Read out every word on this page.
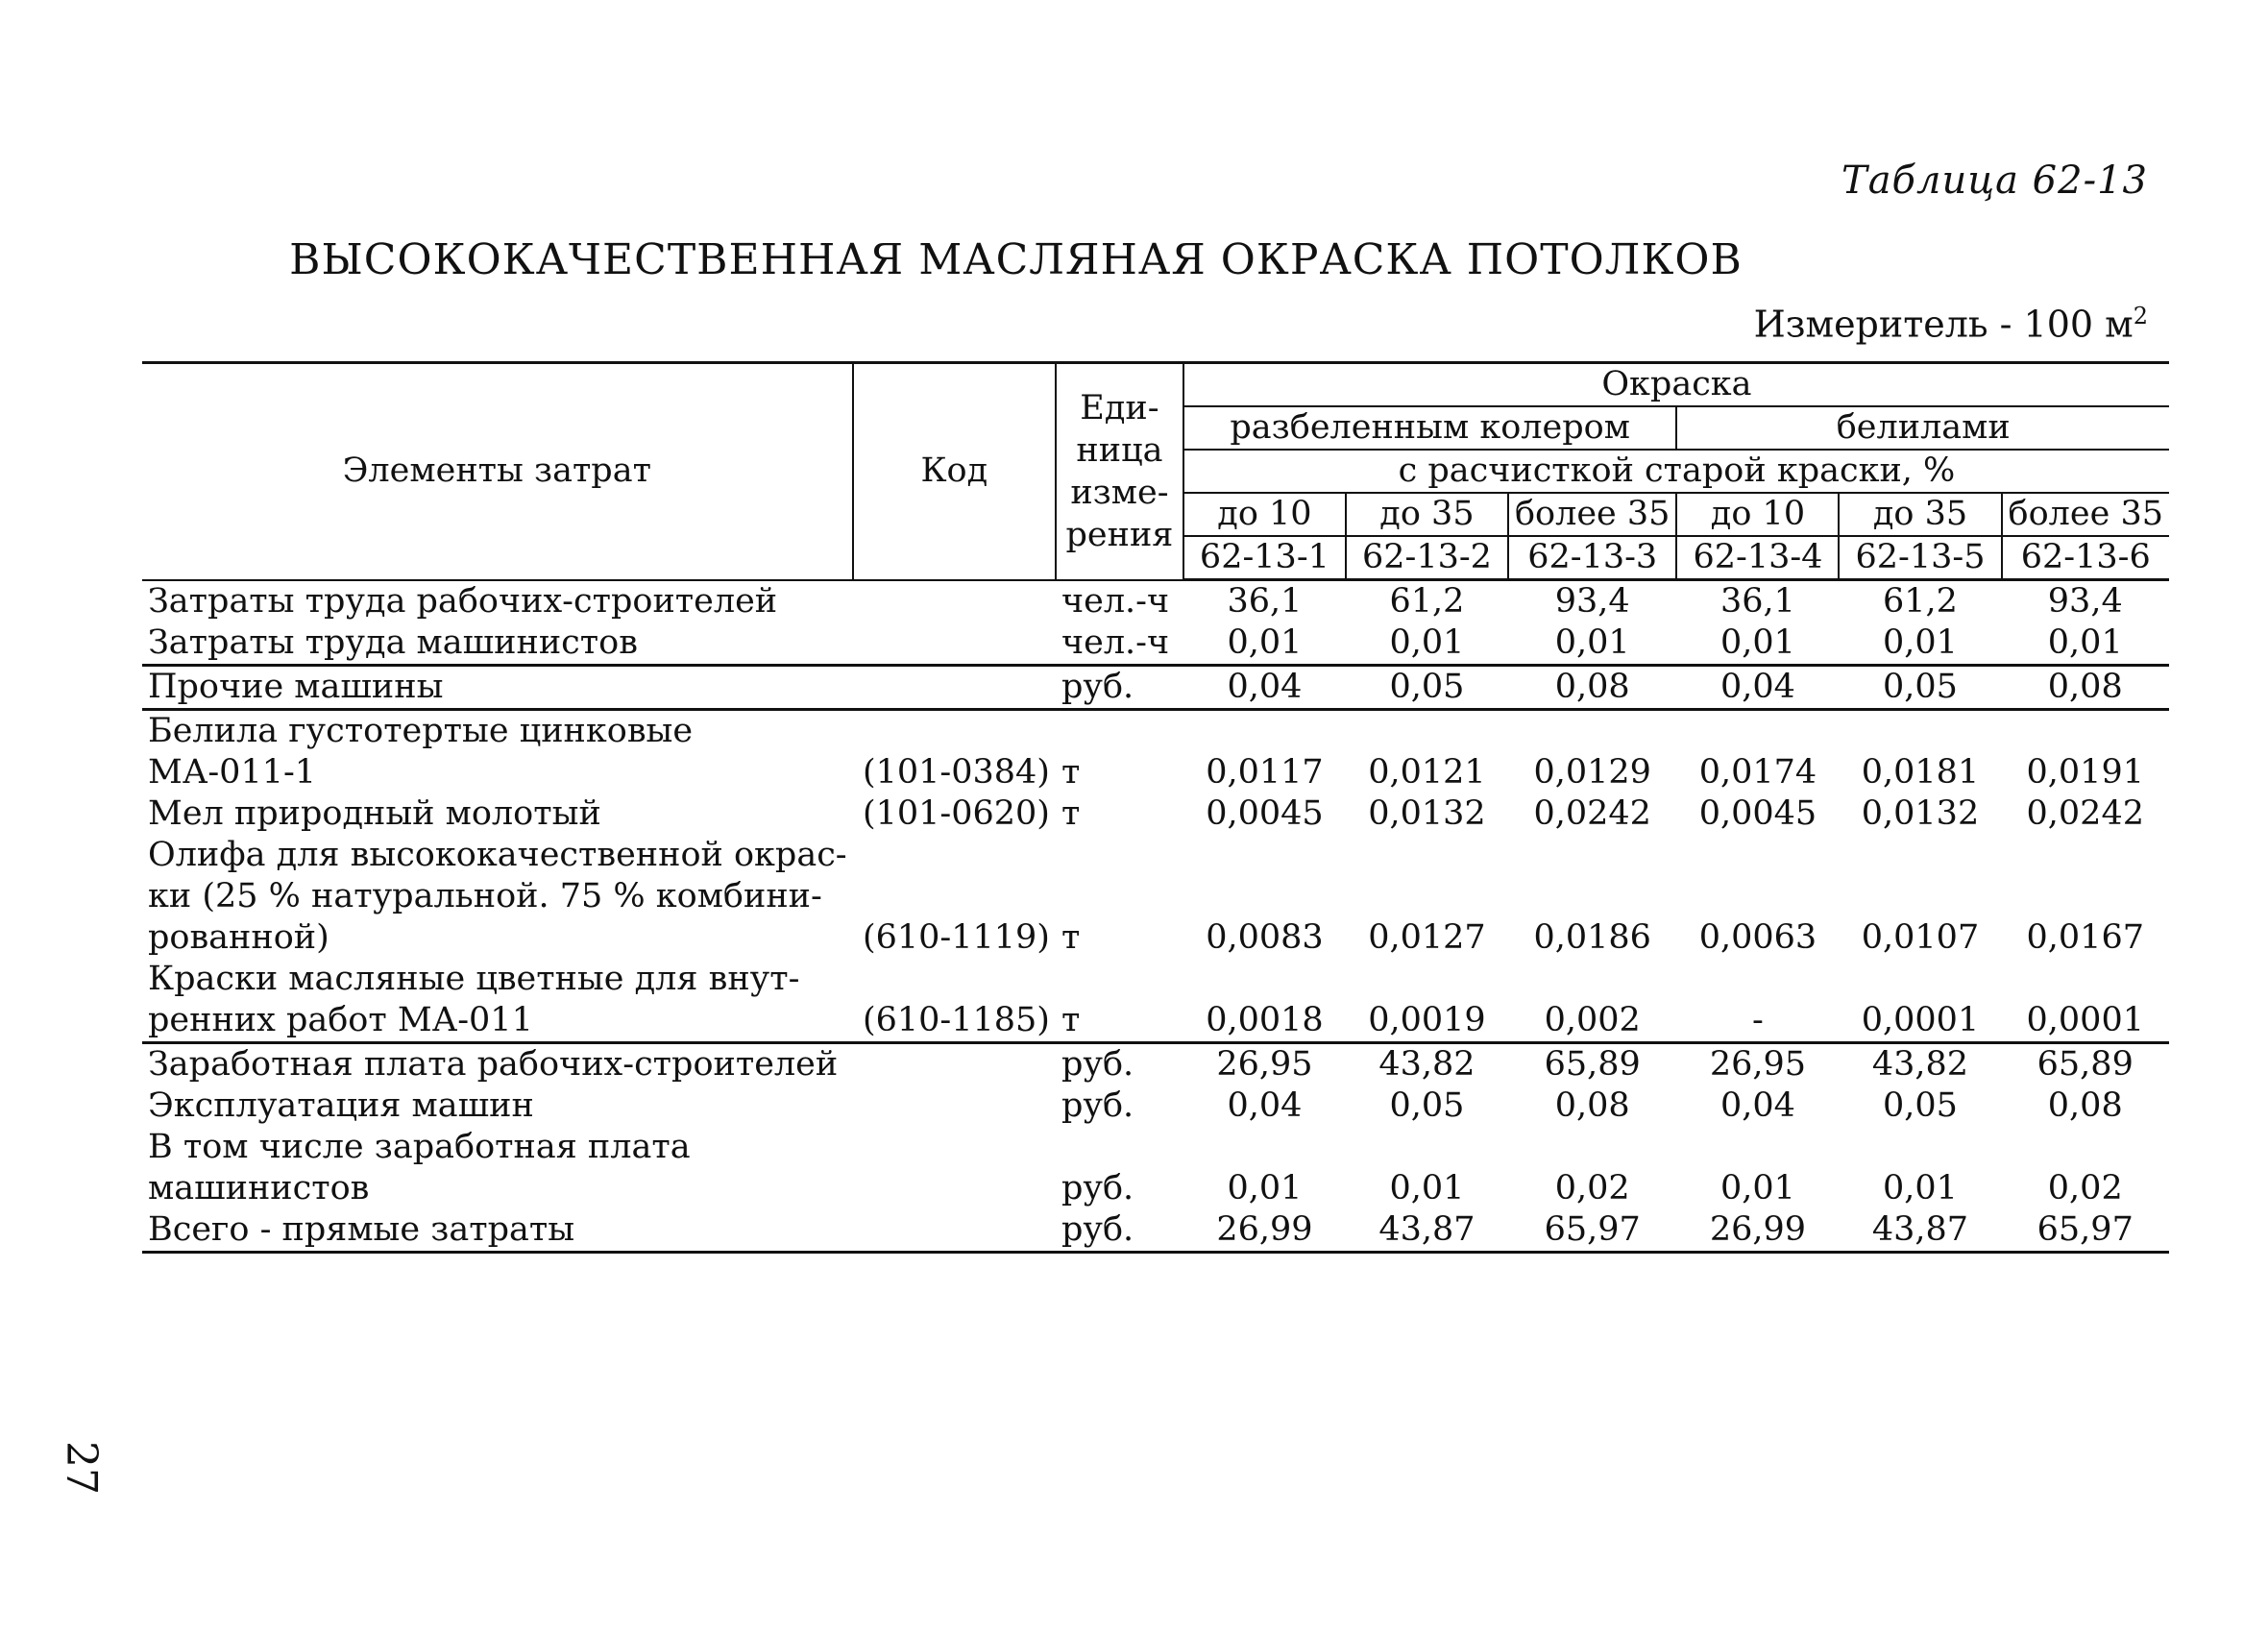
Таблица 62-13
ВЫСОКОКАЧЕСТВЕННАЯ МАСЛЯНАЯ ОКРАСКА ПОТОЛКОВ
Измеритель - 100 $м^2$
Элементы затрат	Код	Еди-
ница
изме-
рения	Окраска					
			разбеленным колером			белилами		
			с расчисткой старой краски, %					
			до 10	до 35	более 35	до 10	до 35	более 35
			62-13-1	62-13-2	62-13-3	62-13-4	62-13-5	62-13-6

Затраты труда рабочих-строителей		чел.-ч	36,1	61,2	93,4	36,1	61,2	93,4

Затраты труда машинистов		чел.-ч	0,01	0,01	0,01	0,01	0,01	0,01

Прочие машины		руб.	0,04	0,05	0,08	0,04	0,05	0,08

Белила густотертые цинковые
МА-011-1	(101-0384)	т	0,0117	0,0121	0,0129	0,0174	0,0181	0,0191

Мел природный молотый	(101-0620)	т	0,0045	0,0132	0,0242	0,0045	0,0132	0,0242

Олифа для высококачественной окрас-
ки (25 % натуральной. 75 % комбини-
рованной)	(610-1119)	т	0,0083	0,0127	0,0186	0,0063	0,0107	0,0167

Краски масляные цветные для внут-
ренних работ МА-011	(610-1185)	т	0,0018	0,0019	0,002	-	0,0001	0,0001

Заработная плата рабочих-строителей		руб.	26,95	43,82	65,89	26,95	43,82	65,89

Эксплуатация машин		руб.	0,04	0,05	0,08	0,04	0,05	0,08

В том числе заработная плата
машинистов		руб.	0,01	0,01	0,02	0,01	0,01	0,02

Всего - прямые затраты		руб.	26,99	43,87	65,97	26,99	43,87	65,97
27
